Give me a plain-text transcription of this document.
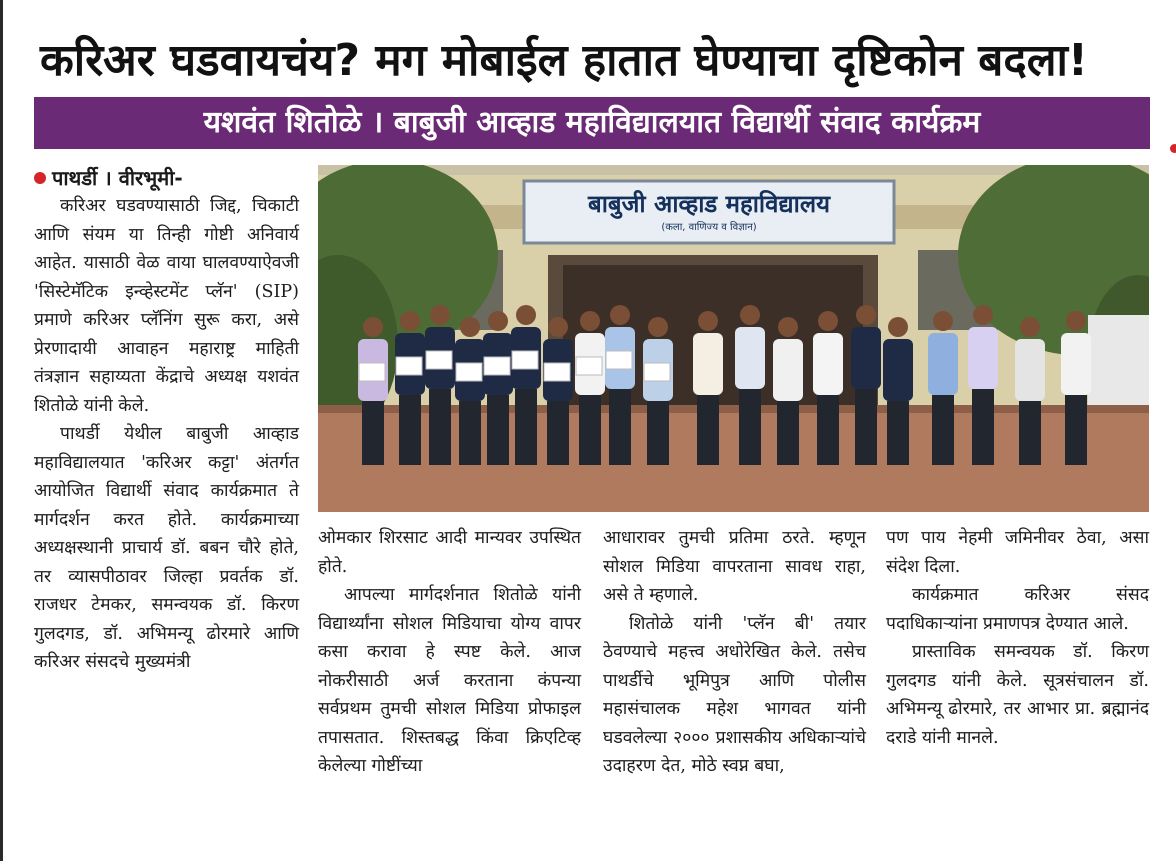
करिअर घडवायचंय? मग मोबाईल हातात घेण्याचा दृष्टिकोन बदला!
यशवंत शितोळे । बाबुजी आव्हाड महाविद्यालयात विद्यार्थी संवाद कार्यक्रम
पाथर्डी । वीरभूमी-

करिअर घडवण्यासाठी जिद्द, चिकाटी आणि संयम या तिन्ही गोष्टी अनिवार्य आहेत. यासाठी वेळ वाया घालवण्याऐवजी 'सिस्टेमॅटिक इन्व्हेस्टमेंट प्लॅन' (SIP) प्रमाणे करिअर प्लॅनिंग सुरू करा, असे प्रेरणादायी आवाहन महाराष्ट्र माहिती तंत्रज्ञान सहाय्यता केंद्राचे अध्यक्ष यशवंत शितोळे यांनी केले.

पाथर्डी येथील बाबुजी आव्हाड महाविद्यालयात 'करिअर कट्टा' अंतर्गत आयोजित विद्यार्थी संवाद कार्यक्रमात ते मार्गदर्शन करत होते. कार्यक्रमाच्या अध्यक्षस्थानी प्राचार्य डॉ. बबन चौरे होते, तर व्यासपीठावर जिल्हा प्रवर्तक डॉ. राजधर टेमकर, समन्वयक डॉ. किरण गुलदगड, डॉ. अभिमन्यू ढोरमारे आणि करिअर संसदचे मुख्यमंत्री

बाबुजी आव्हाड महाविद्यालय
(कला, वाणिज्य व विज्ञान)

ओमकार शिरसाट आदी मान्यवर उपस्थित होते.

आपल्या मार्गदर्शनात शितोळे यांनी विद्यार्थ्यांना सोशल मिडियाचा योग्य वापर कसा करावा हे स्पष्ट केले. आज नोकरीसाठी अर्ज करताना कंपन्या सर्वप्रथम तुमची सोशल मिडिया प्रोफाइल तपासतात. शिस्तबद्ध किंवा क्रिएटिव्ह केलेल्या गोष्टींच्या

आधारावर तुमची प्रतिमा ठरते. म्हणून सोशल मिडिया वापरताना सावध राहा, असे ते म्हणाले.

शितोळे यांनी 'प्लॅन बी' तयार ठेवण्याचे महत्त्व अधोरेखित केले. तसेच पाथर्डीचे भूमिपुत्र आणि पोलीस महासंचालक महेश भागवत यांनी घडवलेल्या २००० प्रशासकीय अधिकाऱ्यांचे उदाहरण देत, मोठे स्वप्न बघा,

पण पाय नेहमी जमिनीवर ठेवा, असा संदेश दिला.

कार्यक्रमात करिअर संसद पदाधिकाऱ्यांना प्रमाणपत्र देण्यात आले.

प्रास्ताविक समन्वयक डॉ. किरण गुलदगड यांनी केले. सूत्रसंचालन डॉ. अभिमन्यू ढोरमारे, तर आभार प्रा. ब्रह्मानंद दराडे यांनी मानले.
